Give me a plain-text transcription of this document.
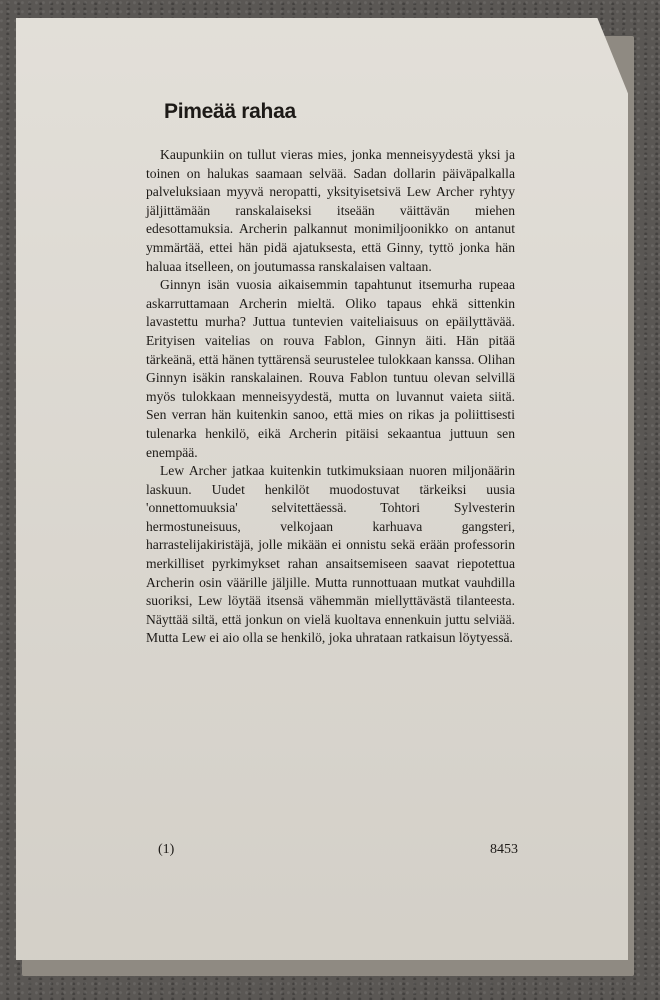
Pimeää rahaa

Kaupunkiin on tullut vieras mies, jonka menneisyydestä yksi ja toinen on halukas saamaan selvää. Sadan dollarin päiväpalkalla palveluksiaan myyvä neropatti, yksityisetsivä Lew Archer ryhtyy jäljittämään ranskalaiseksi itseään väittävän miehen edesottamuksia. Archerin palkannut monimiljoonikko on antanut ymmärtää, ettei hän pidä ajatuksesta, että Ginny, tyttö jonka hän haluaa itselleen, on joutumassa ranskalaisen valtaan.

Ginnyn isän vuosia aikaisemmin tapahtunut itsemurha rupeaa askarruttamaan Archerin mieltä. Oliko tapaus ehkä sittenkin lavastettu murha? Juttua tuntevien vaiteliaisuus on epäilyttävää. Erityisen vaitelias on rouva Fablon, Ginnyn äiti. Hän pitää tärkeänä, että hänen tyttärensä seurustelee tulokkaan kanssa. Olihan Ginnyn isäkin ranskalainen. Rouva Fablon tuntuu olevan selvillä myös tulokkaan menneisyydestä, mutta on luvannut vaieta siitä. Sen verran hän kuitenkin sanoo, että mies on rikas ja poliittisesti tulenarka henkilö, eikä Archerin pitäisi sekaantua juttuun sen enempää.

Lew Archer jatkaa kuitenkin tutkimuksiaan nuoren miljonäärin laskuun. Uudet henkilöt muodostuvat tärkeiksi uusia 'onnettomuuksia' selvitettäessä. Tohtori Sylvesterin hermostuneisuus, velkojaan karhuava gangsteri, harrastelijakiristäjä, jolle mikään ei onnistu sekä erään professorin merkilliset pyrkimykset rahan ansaitsemiseen saavat riepotettua Archerin osin väärille jäljille. Mutta runnottuaan mutkat vauhdilla suoriksi, Lew löytää itsensä vähemmän miellyttävästä tilanteesta. Näyttää siltä, että jonkun on vielä kuoltava ennenkuin juttu selviää. Mutta Lew ei aio olla se henkilö, joka uhrataan ratkaisun löytyessä.

(1)	8453
